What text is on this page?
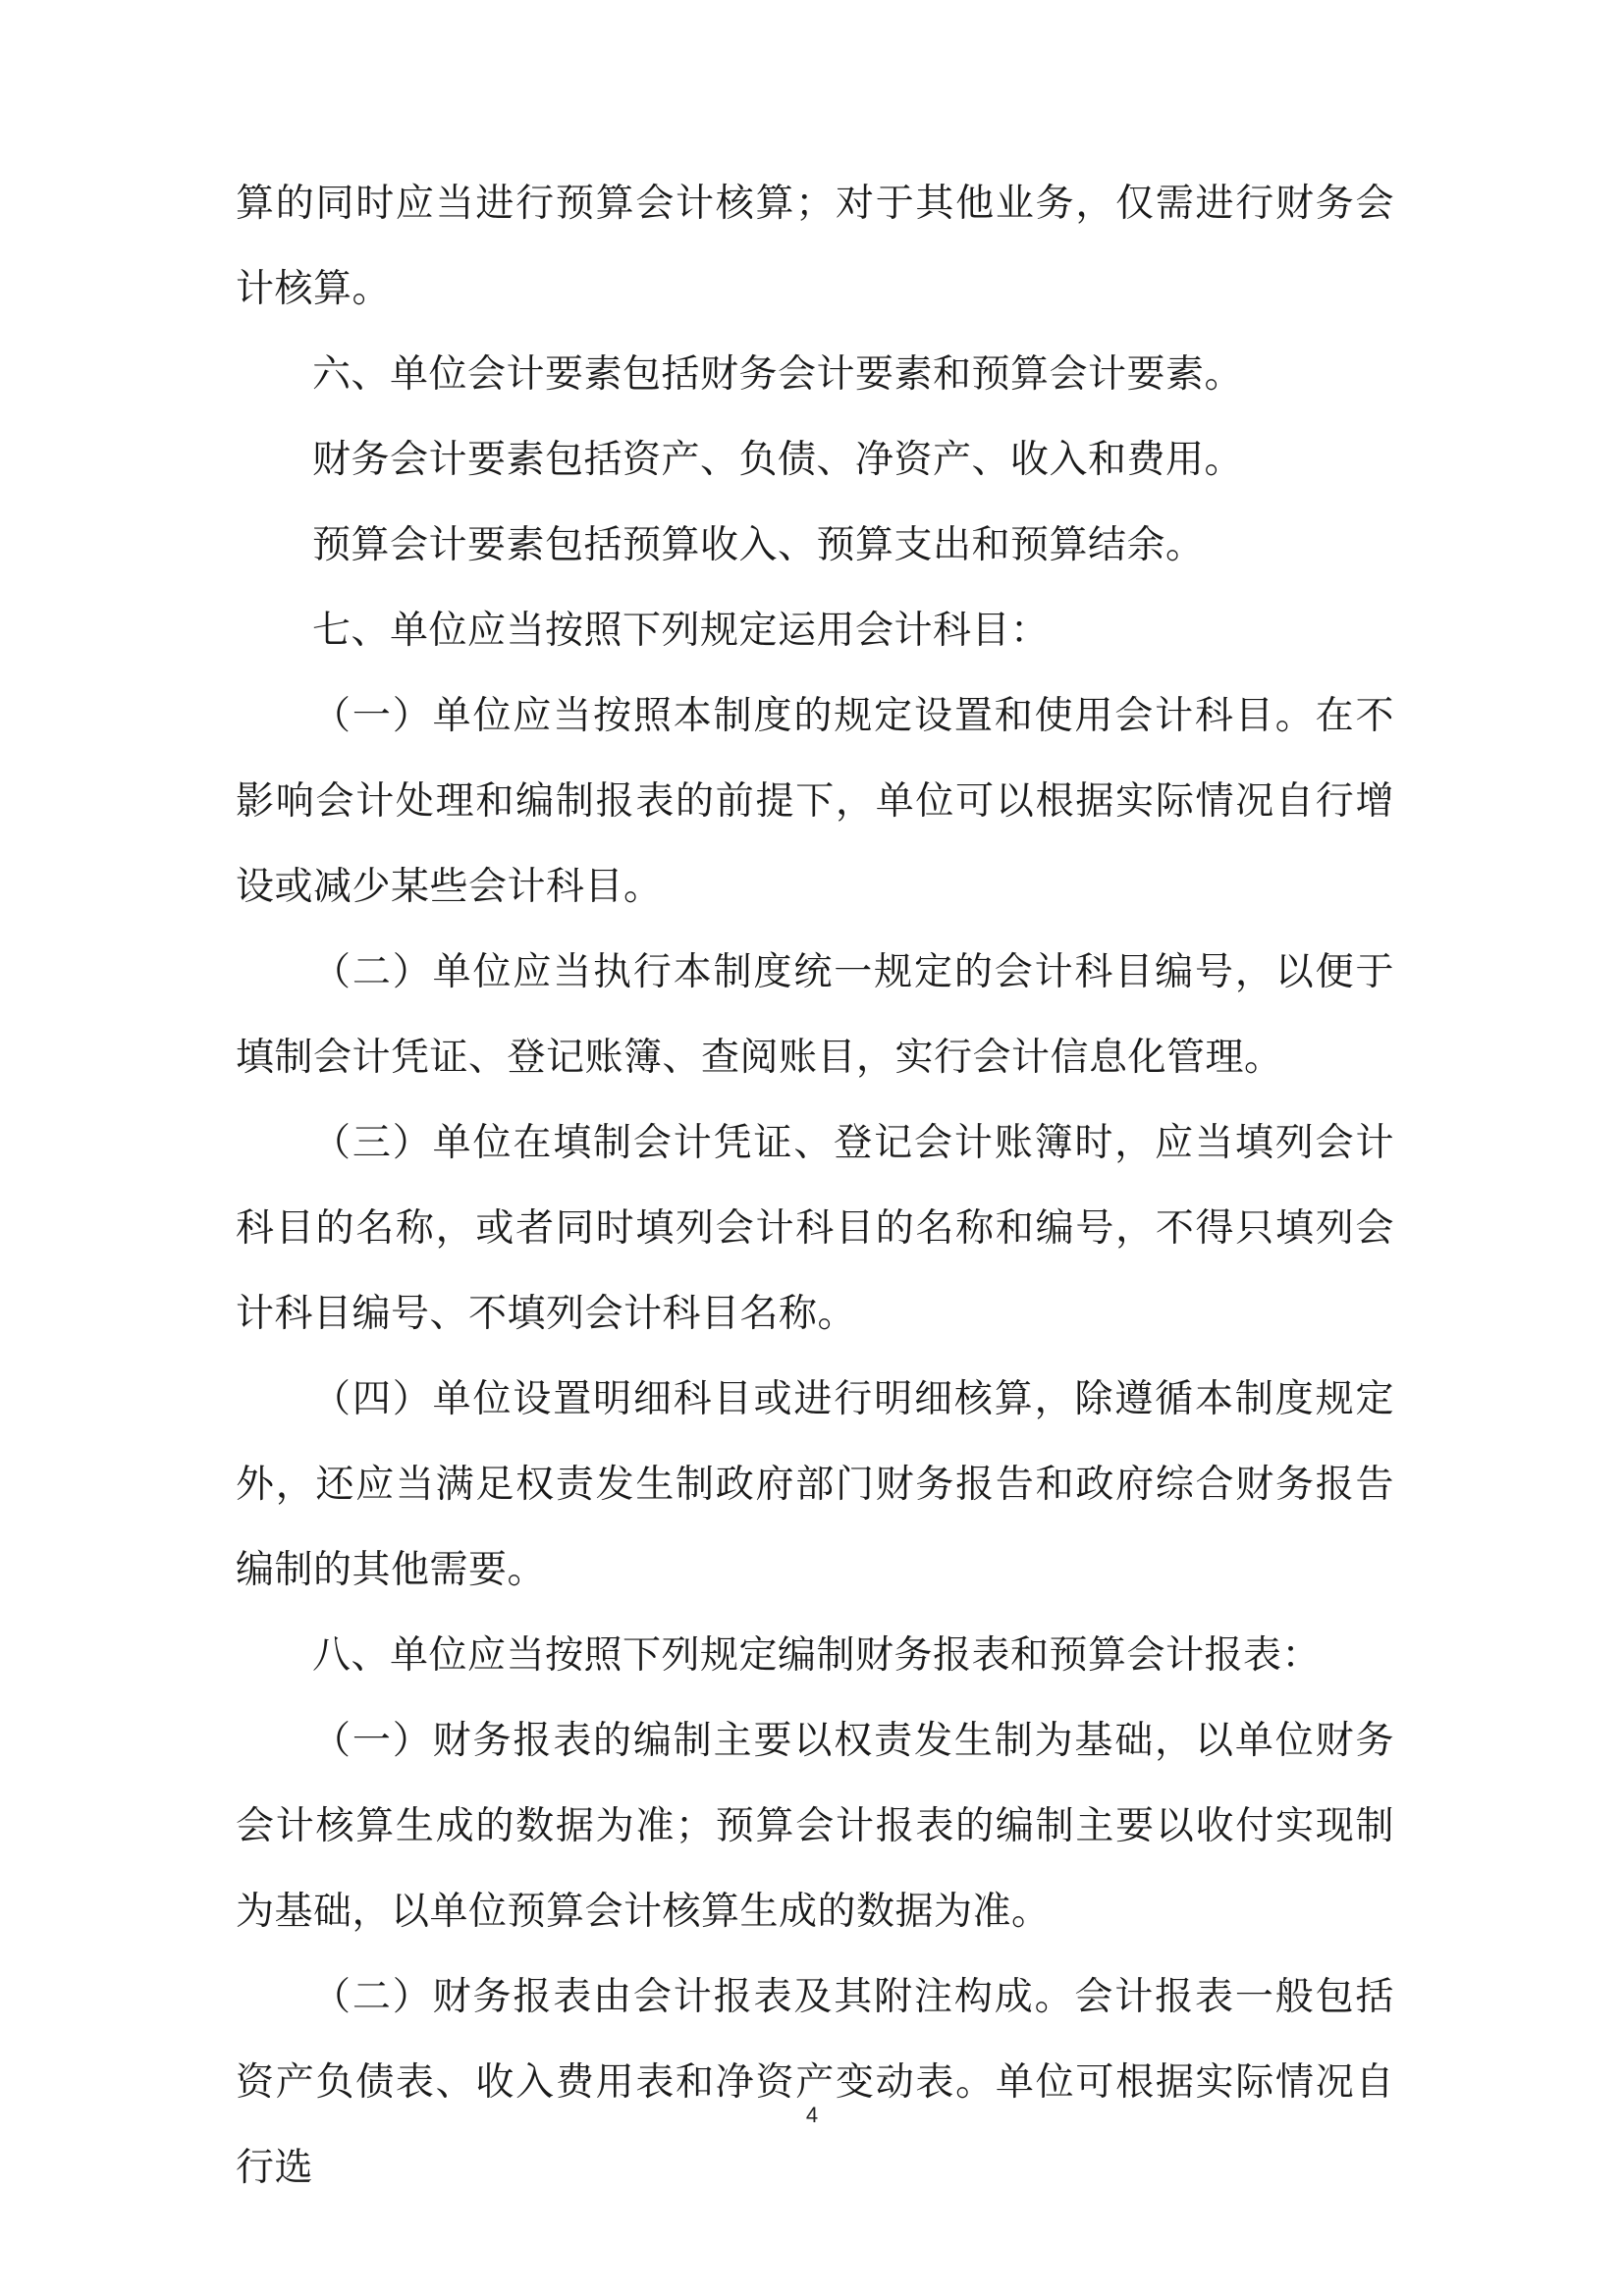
算的同时应当进行预算会计核算；对于其他业务，仅需进行财务会计核算。

六、单位会计要素包括财务会计要素和预算会计要素。

财务会计要素包括资产、负债、净资产、收入和费用。

预算会计要素包括预算收入、预算支出和预算结余。

七、单位应当按照下列规定运用会计科目：

（一）单位应当按照本制度的规定设置和使用会计科目。在不影响会计处理和编制报表的前提下，单位可以根据实际情况自行增设或减少某些会计科目。

（二）单位应当执行本制度统一规定的会计科目编号，以便于填制会计凭证、登记账簿、查阅账目，实行会计信息化管理。

（三）单位在填制会计凭证、登记会计账簿时，应当填列会计科目的名称，或者同时填列会计科目的名称和编号，不得只填列会计科目编号、不填列会计科目名称。

（四）单位设置明细科目或进行明细核算，除遵循本制度规定外，还应当满足权责发生制政府部门财务报告和政府综合财务报告编制的其他需要。

八、单位应当按照下列规定编制财务报表和预算会计报表：

（一）财务报表的编制主要以权责发生制为基础，以单位财务会计核算生成的数据为准；预算会计报表的编制主要以收付实现制为基础，以单位预算会计核算生成的数据为准。

（二）财务报表由会计报表及其附注构成。会计报表一般包括资产负债表、收入费用表和净资产变动表。单位可根据实际情况自行选

4
